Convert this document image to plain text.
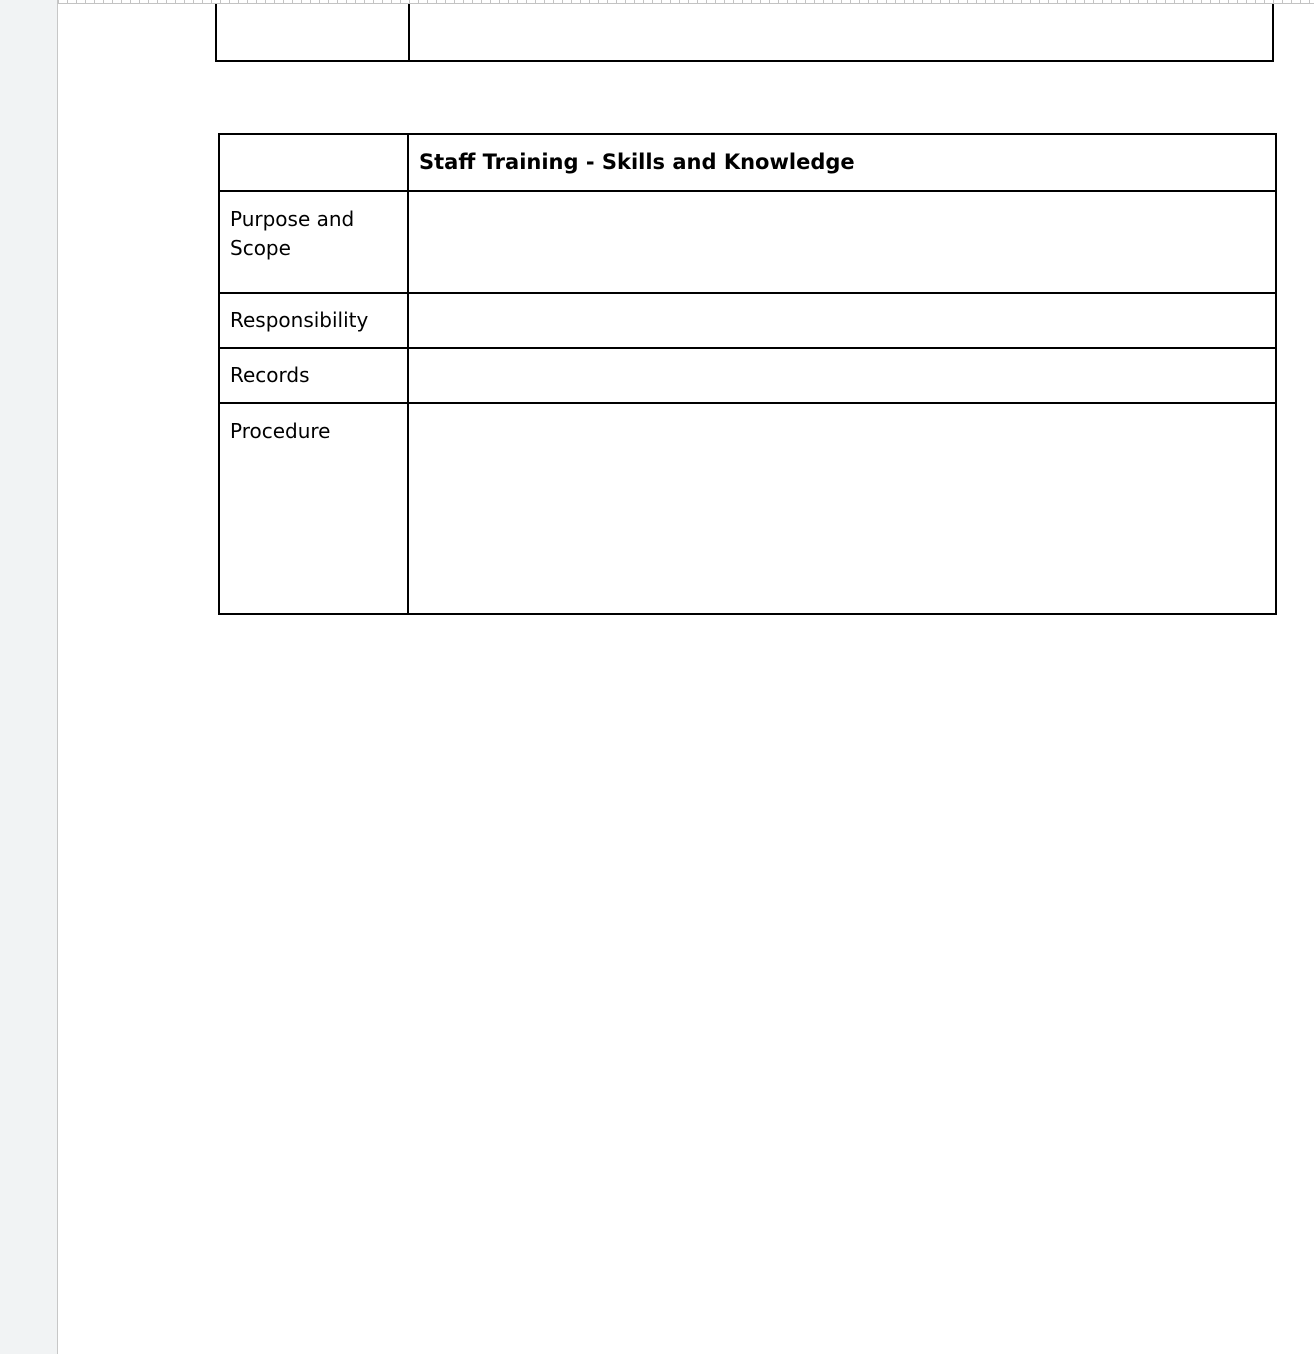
	Staff Training - Skills and Knowledge

Purpose and Scope	

Responsibility	

Records	

Procedure	
